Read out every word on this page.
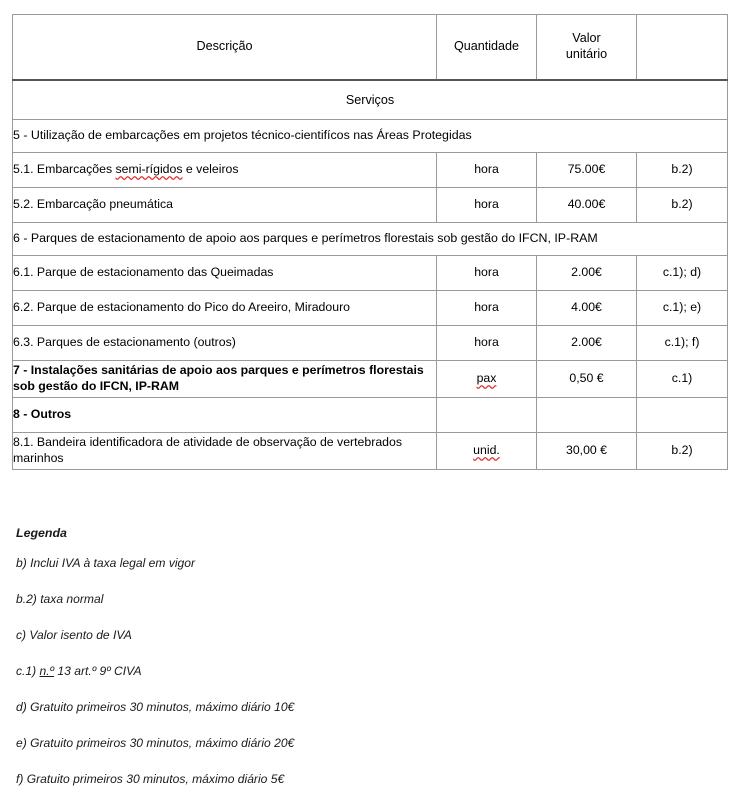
Descrição	Quantidade	Valor
unitário	
Serviços			
5 - Utilização de embarcações em projetos técnico-cientifícos nas Áreas Protegidas			
5.1. Embarcações semi-rígidos e veleiros	hora	75.00€	b.2)
5.2. Embarcação pneumática	hora	40.00€	b.2)
6 - Parques de estacionamento de apoio aos parques e perímetros florestais sob gestão do IFCN, IP-RAM			
6.1. Parque de estacionamento das Queimadas	hora	2.00€	c.1); d)
6.2. Parque de estacionamento do Pico do Areeiro, Miradouro	hora	4.00€	c.1); e)
6.3. Parques de estacionamento (outros)	hora	2.00€	c.1); f)
7 - Instalações sanitárias de apoio aos parques e perímetros florestais sob gestão do IFCN, IP-RAM	pax	0,50 €	c.1)
8 - Outros			
8.1. Bandeira identificadora de atividade de observação de vertebrados marinhos	unid.	30,00 €	b.2)
Legenda
b) Inclui IVA à taxa legal em vigor
b.2) taxa normal
c) Valor isento de IVA
c.1) n.º 13 art.º 9º CIVA
d) Gratuito primeiros 30 minutos, máximo diário 10€
e) Gratuito primeiros 30 minutos, máximo diário 20€
f) Gratuito primeiros 30 minutos, máximo diário 5€
